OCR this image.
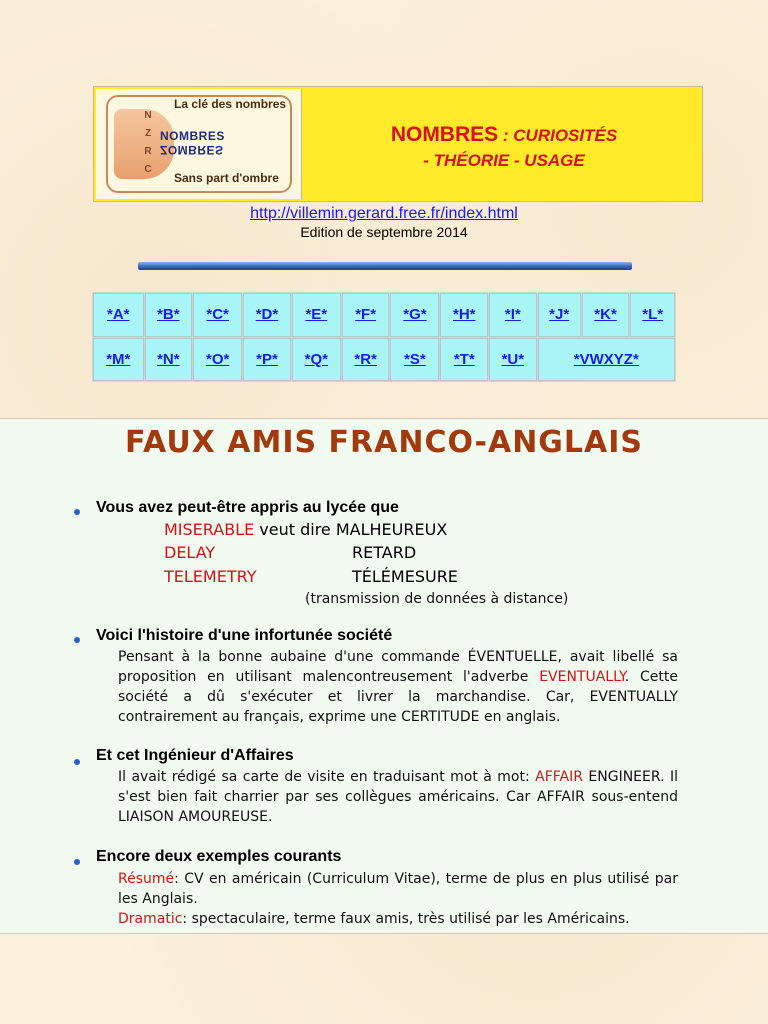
N
Z
R
C
La clé des nombres
NOMBRES
ZOMBRES
Sans part d'ombre
NOMBRES : CURIOSITÉS
- THÉORIE - USAGE
http://villemin.gerard.free.fr/index.html
Edition de septembre 2014
*A*	*B*	*C*	*D*	*E*	*F*	*G*	*H*	*I*	*J*	*K*	*L*
*M*	*N*	*O*	*P*	*Q*	*R*	*S*	*T*	*U*	*VWXYZ*		
FAUX AMIS FRANCO-ANGLAIS
Vous avez peut-être appris au lycée que
MISERABLE veut dire MALHEUREUX
DELAY	RETARD
TELEMETRY	TÉLÉMESURE
(transmission de données à distance)
Voici l'histoire d'une infortunée société
Pensant à la bonne aubaine d'une commande ÉVENTUELLE, avait libellé sa proposition en utilisant malencontreusement l'adverbe EVENTUALLY. Cette société a dû s'exécuter et livrer la marchandise. Car, EVENTUALLY contrairement au français, exprime une CERTITUDE en anglais.
Et cet Ingénieur d'Affaires
Il avait rédigé sa carte de visite en traduisant mot à mot: AFFAIR ENGINEER. Il s'est bien fait charrier par ses collègues américains. Car AFFAIR sous-entend LIAISON AMOUREUSE.
Encore deux exemples courants
Résumé: CV en américain (Curriculum Vitae), terme de plus en plus utilisé par les Anglais.
Dramatic: spectaculaire, terme faux amis, très utilisé par les Américains.
